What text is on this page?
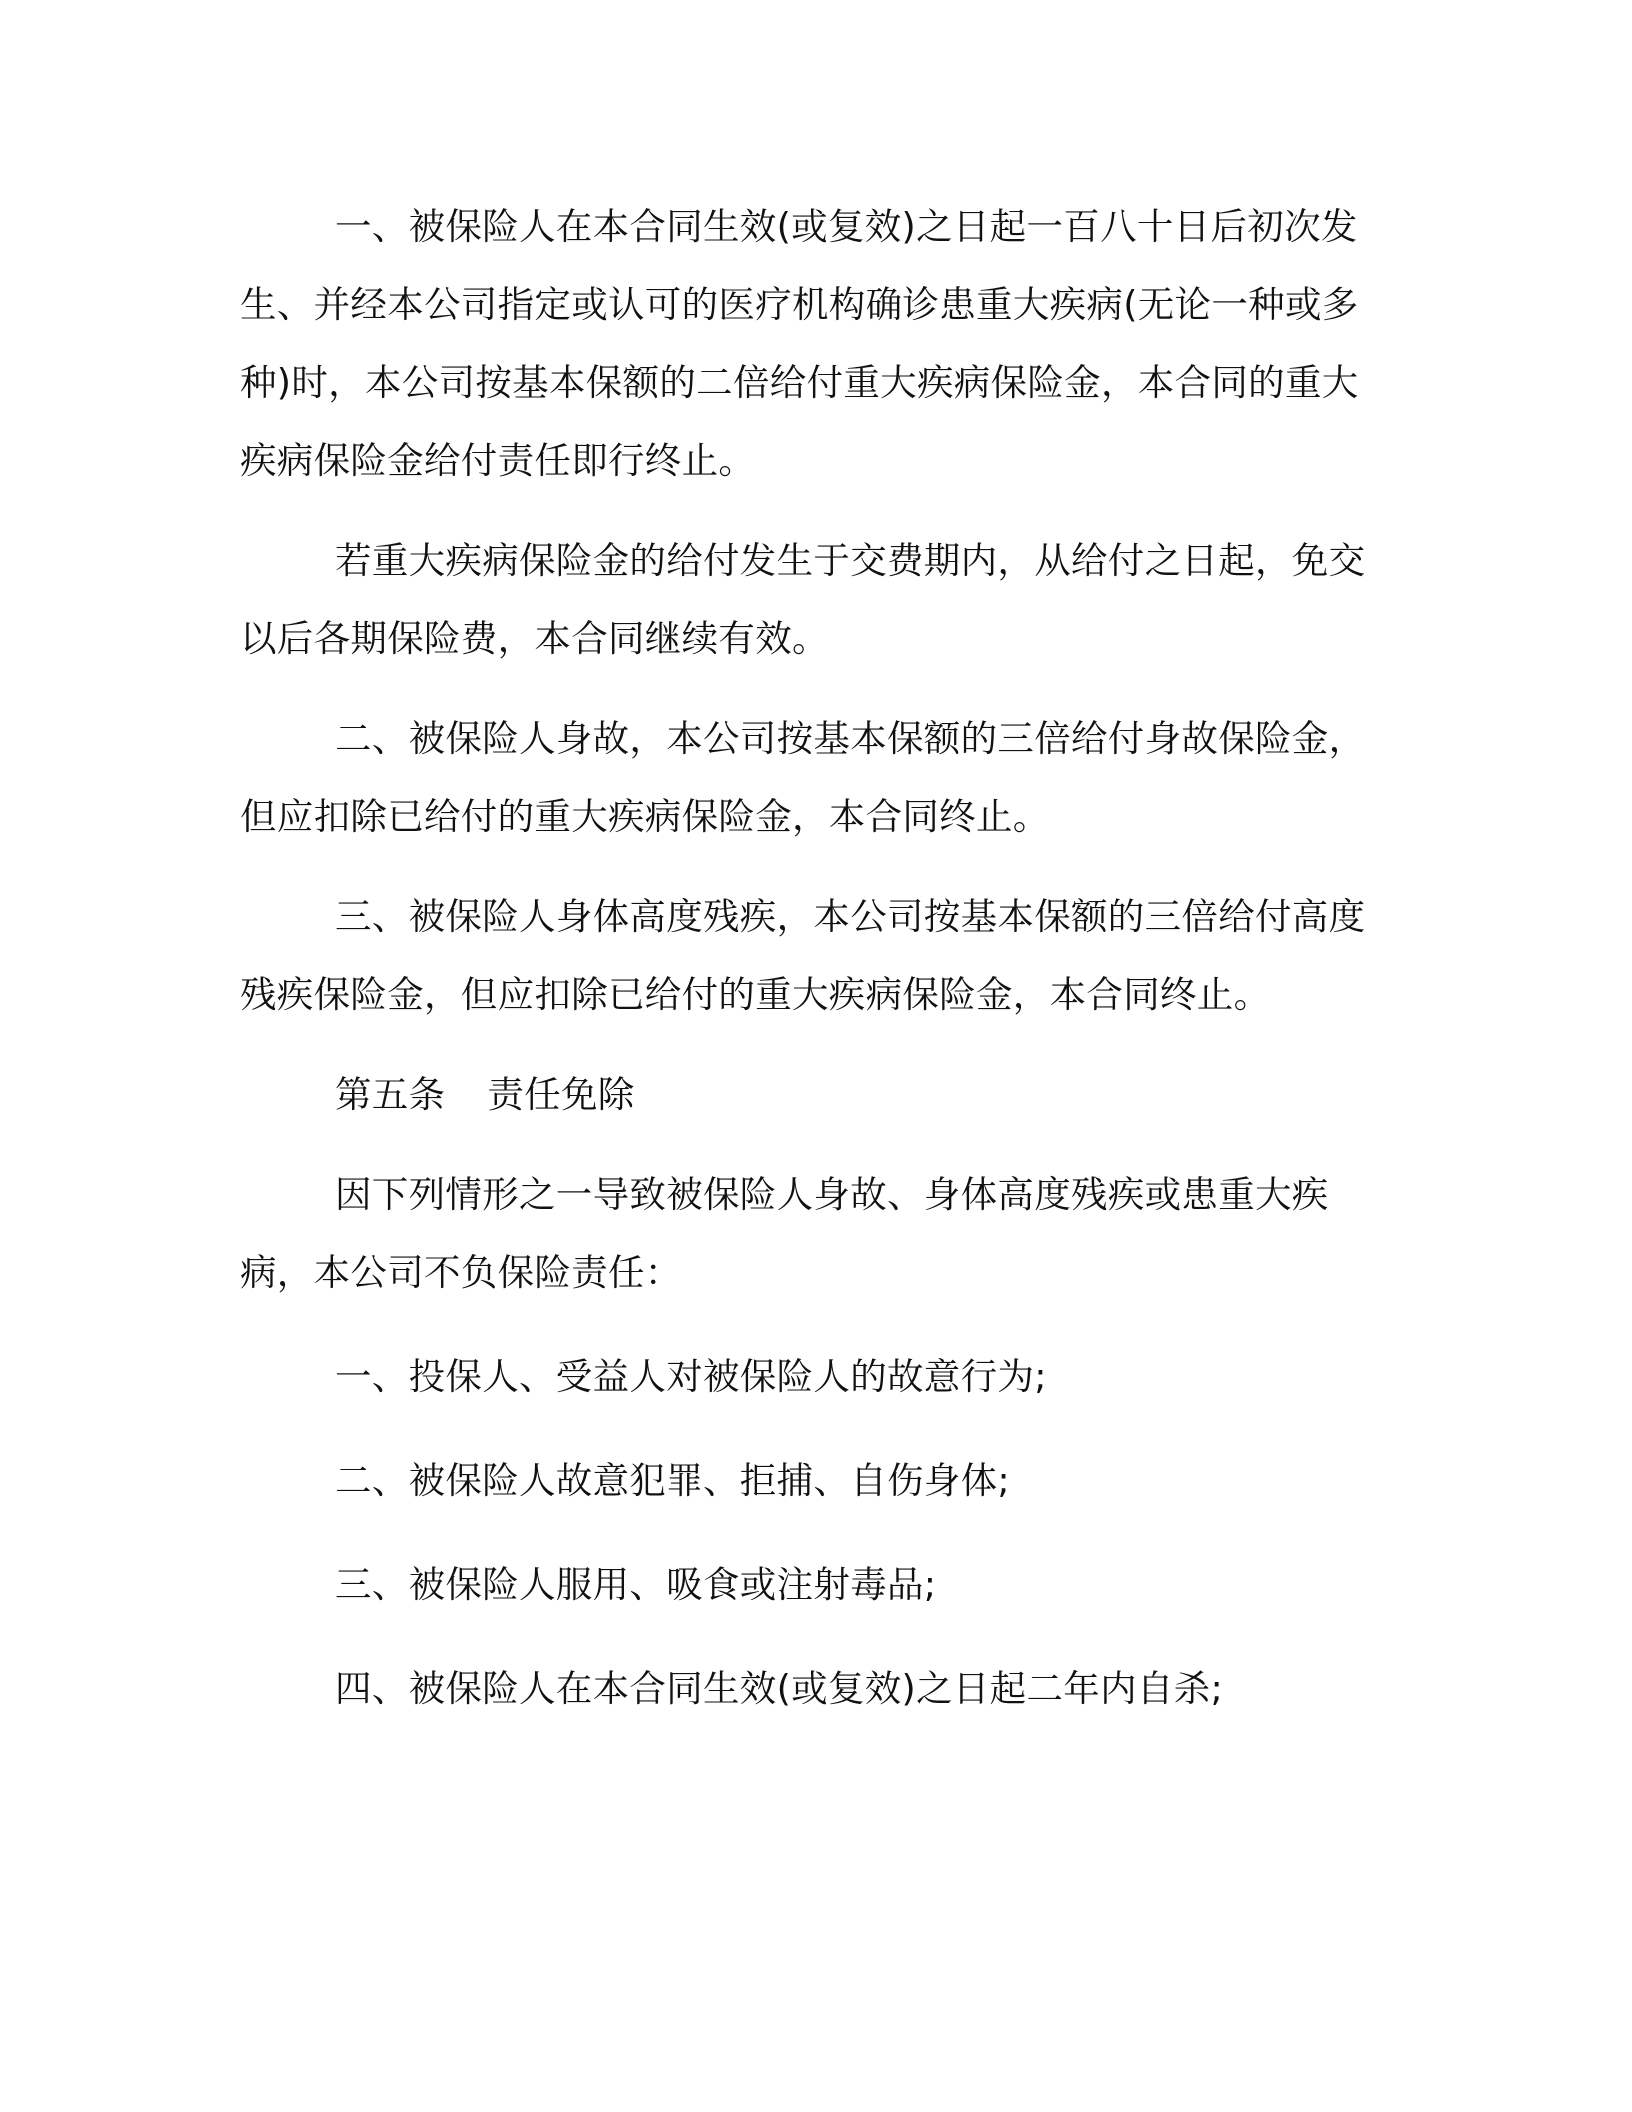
一、被保险人在本合同生效(或复效)之日起一百八十日后初次发生、并经本公司指定或认可的医疗机构确诊患重大疾病(无论一种或多种)时，本公司按基本保额的二倍给付重大疾病保险金，本合同的重大疾病保险金给付责任即行终止。

若重大疾病保险金的给付发生于交费期内，从给付之日起，免交以后各期保险费，本合同继续有效。

二、被保险人身故，本公司按基本保额的三倍给付身故保险金，但应扣除已给付的重大疾病保险金，本合同终止。

三、被保险人身体高度残疾，本公司按基本保额的三倍给付高度残疾保险金，但应扣除已给付的重大疾病保险金，本合同终止。

第五条 责任免除

因下列情形之一导致被保险人身故、身体高度残疾或患重大疾病，本公司不负保险责任：

一、投保人、受益人对被保险人的故意行为;

二、被保险人故意犯罪、拒捕、自伤身体;

三、被保险人服用、吸食或注射毒品;

四、被保险人在本合同生效(或复效)之日起二年内自杀;
